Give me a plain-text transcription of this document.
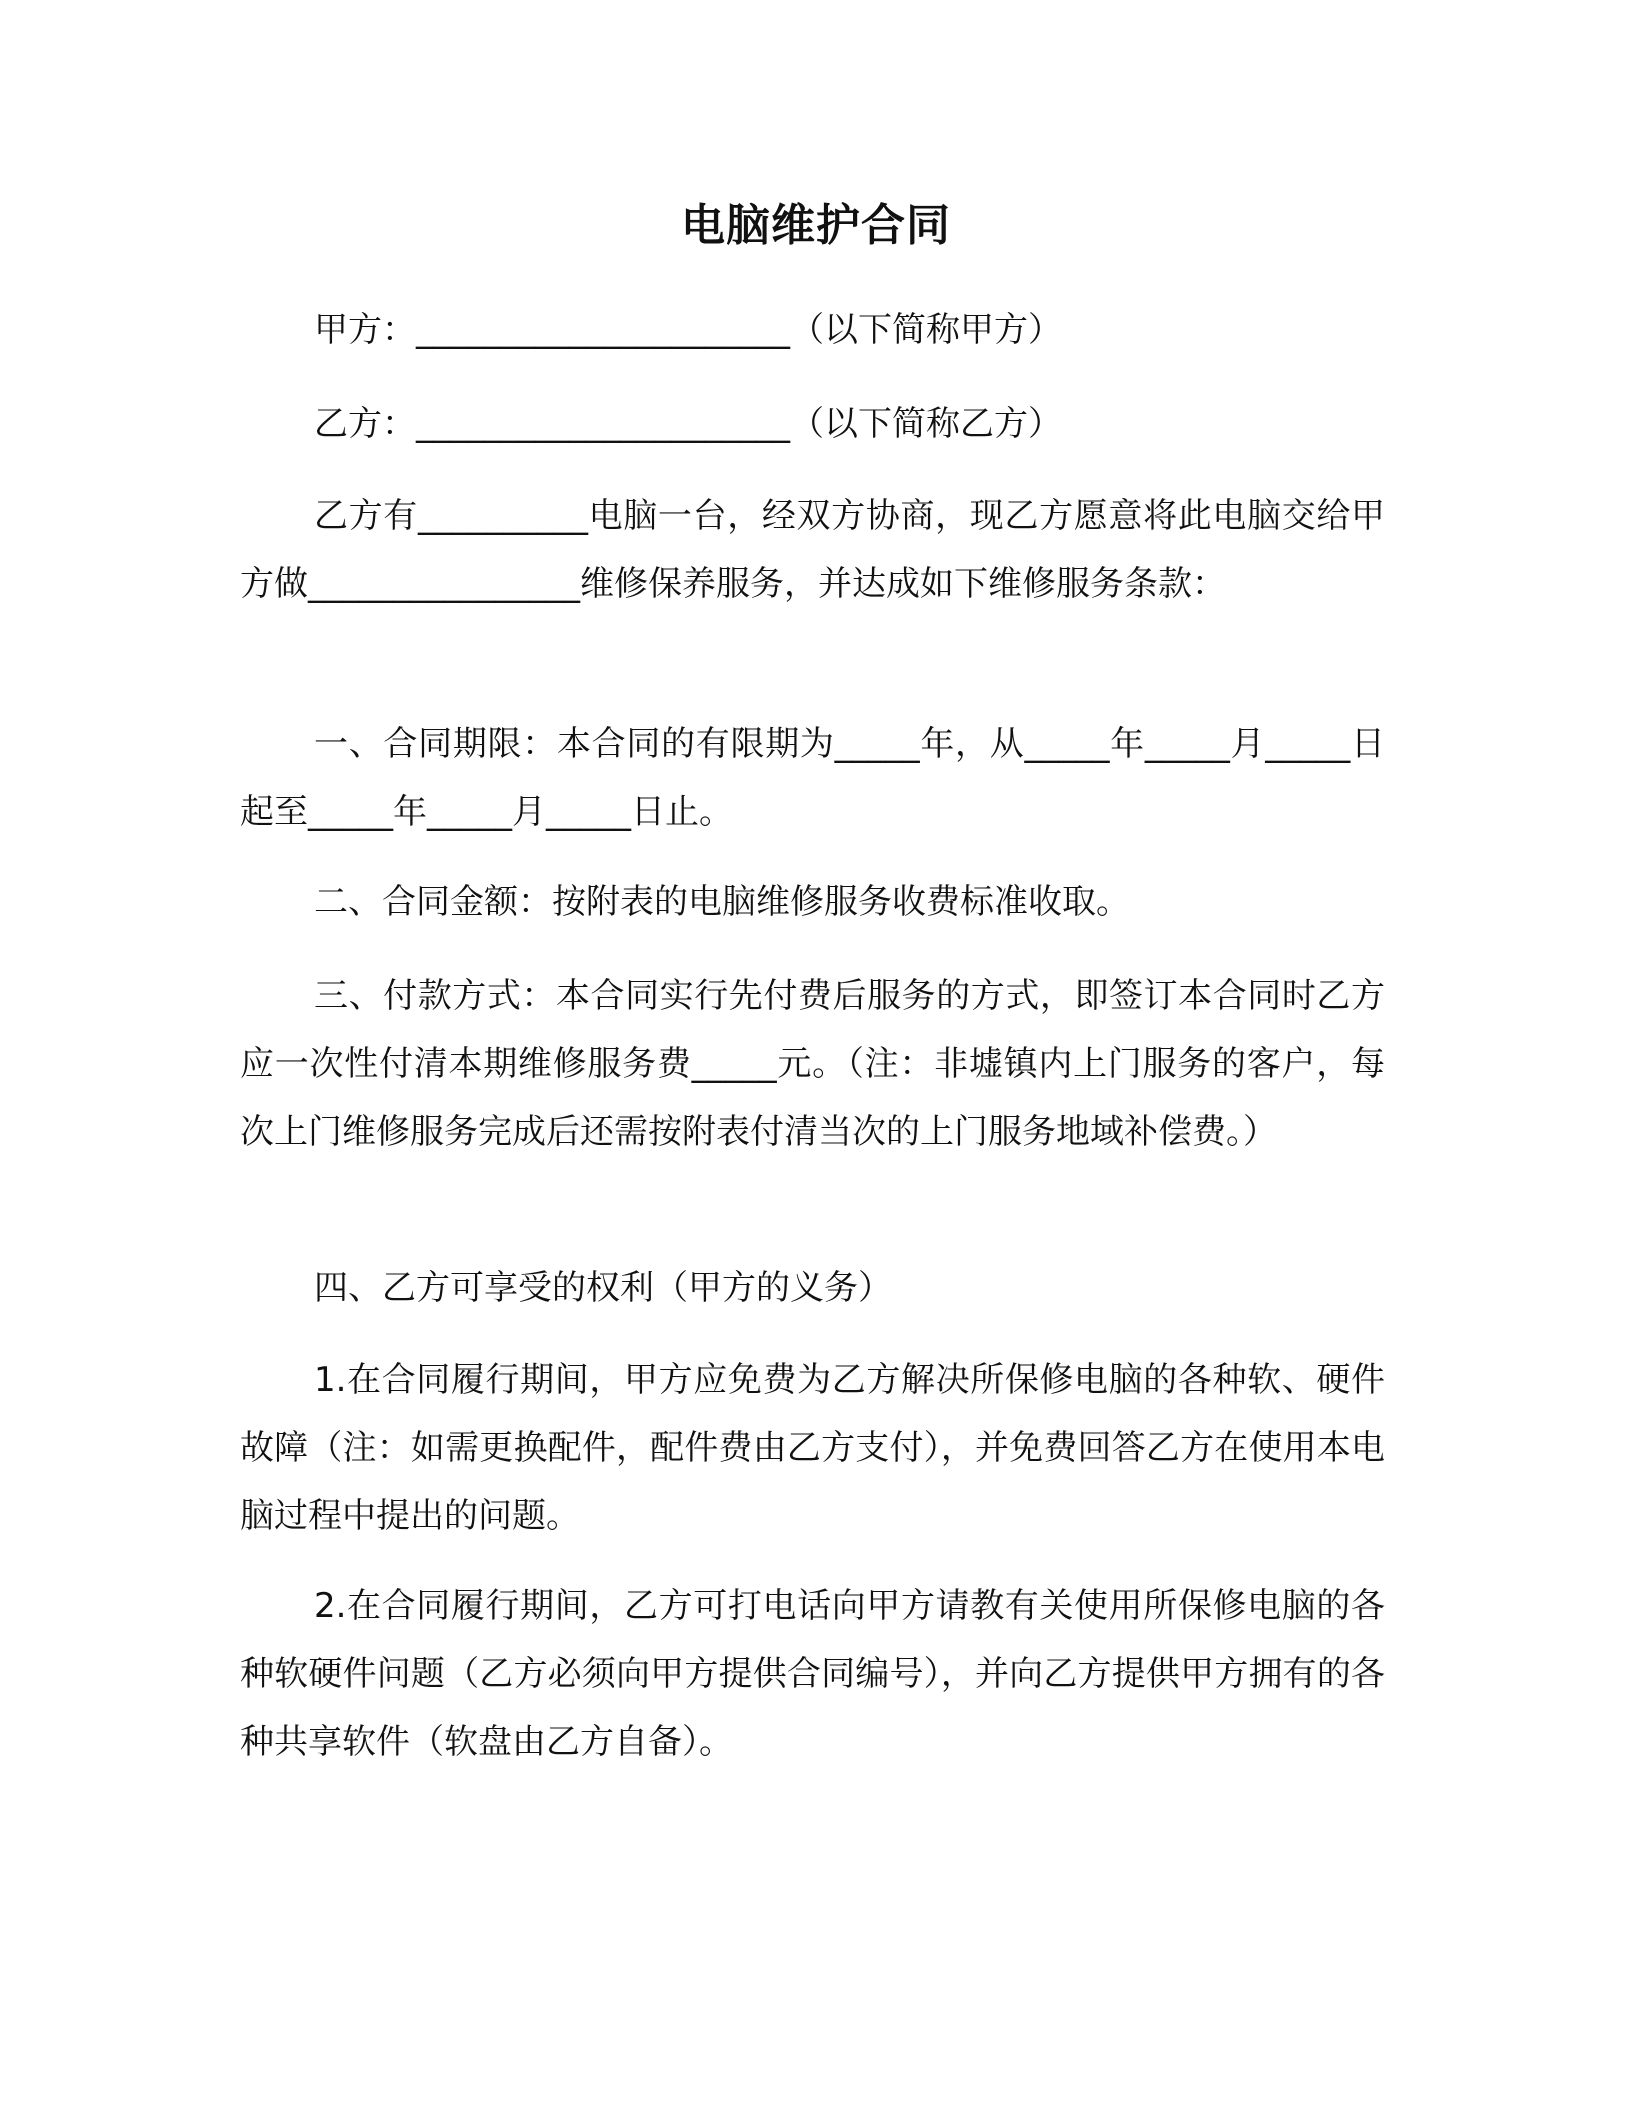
电脑维护合同
甲方：______________________（以下简称甲方）
乙方：______________________（以下简称乙方）
乙方有__________电脑一台，经双方协商，现乙方愿意将此电脑交给甲方做________________维修保养服务，并达成如下维修服务条款：
一、合同期限：本合同的有限期为_____年，从_____年_____月_____日起至_____年_____月_____日止。
二、合同金额：按附表的电脑维修服务收费标准收取。
三、付款方式：本合同实行先付费后服务的方式，即签订本合同时乙方应一次性付清本期维修服务费_____元。（注：非墟镇内上门服务的客户，每次上门维修服务完成后还需按附表付清当次的上门服务地域补偿费。）
四、乙方可享受的权利（甲方的义务）
1.在合同履行期间，甲方应免费为乙方解决所保修电脑的各种软、硬件故障（注：如需更换配件，配件费由乙方支付），并免费回答乙方在使用本电脑过程中提出的问题。
2.在合同履行期间，乙方可打电话向甲方请教有关使用所保修电脑的各种软硬件问题（乙方必须向甲方提供合同编号），并向乙方提供甲方拥有的各种共享软件（软盘由乙方自备）。
